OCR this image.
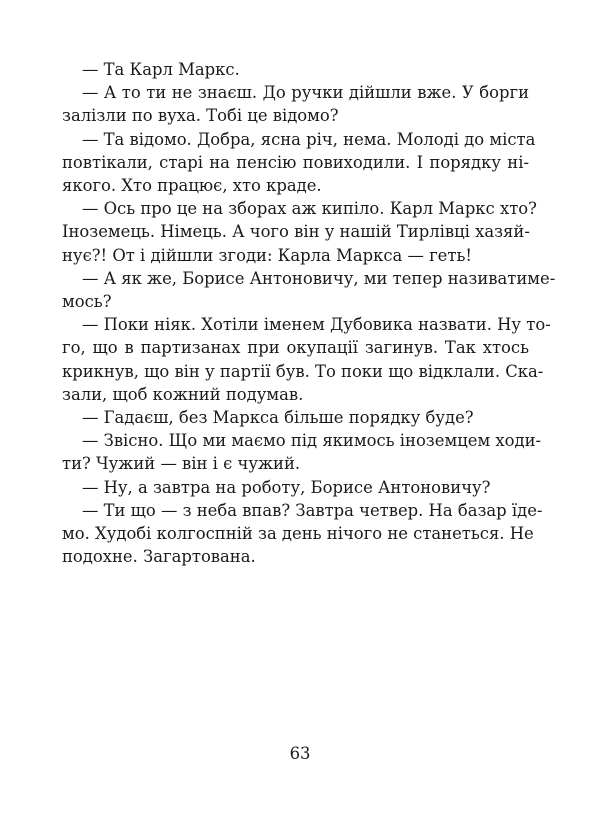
— Та Карл Маркс.

— А то ти не знаєш. До ручки дійшли вже. У борги
залізли по вуха. Тобі це відомо?

— Та відомо. Добра, ясна річ, нема. Молоді до міста
повтікали, старі на пенсію повиходили. І порядку ні-
якого. Хто працює, хто краде.

— Ось про це на зборах аж кипіло. Карл Маркс хто?
Іноземець. Німець. А чого він у нашій Тирлівці хазяй-
нує?! От і дійшли згоди: Карла Маркса — геть!

— А як же, Борисе Антоновичу, ми тепер називатиме-
мось?

— Поки ніяк. Хотіли іменем Дубовика назвати. Ну то-
го, що в партизанах при окупації загинув. Так хтось
крикнув, що він у партії був. То поки що відклали. Ска-
зали, щоб кожний подумав.

— Гадаєш, без Маркса більше порядку буде?

— Звісно. Що ми маємо під якимось іноземцем ходи-
ти? Чужий — він і є чужий.

— Ну, а завтра на роботу, Борисе Антоновичу?

— Ти що — з неба впав? Завтра четвер. На базар їде-
мо. Худобі колгоспній за день нічого не станеться. Не
подохне. Загартована.

63
